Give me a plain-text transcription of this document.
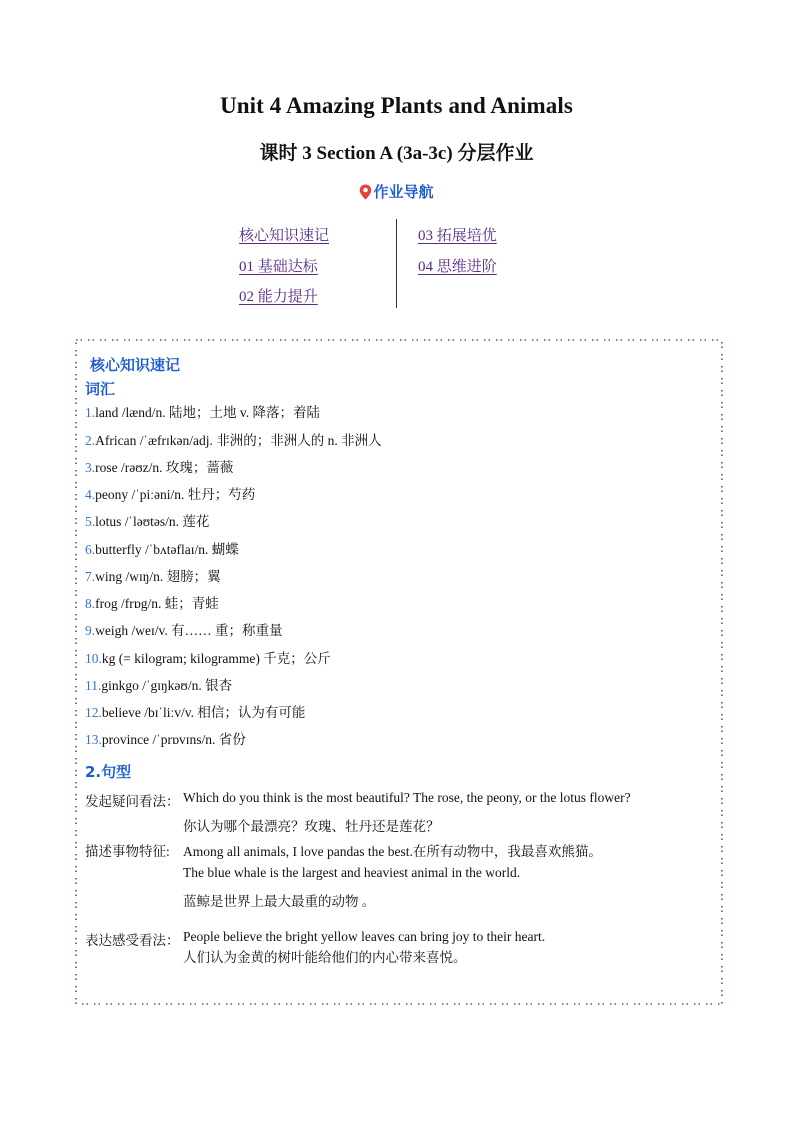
Unit 4 Amazing Plants and Animals
课时 3 Section A (3a-3c) 分层作业
作业导航
核心知识速记
01 基础达标
02 能力提升
03 拓展培优
04 思维进阶
核心知识速记
词汇
1.land /lænd/n. 陆地；土地 v. 降落；着陆
2.African /ˈæfrɪkən/adj. 非洲的；非洲人的 n. 非洲人
3.rose /rəʊz/n. 玫瑰；蔷薇
4.peony /ˈpiːəni/n. 牡丹；芍药
5.lotus /ˈləʊtəs/n. 莲花
6.butterfly /ˈbʌtəflaɪ/n. 蝴蝶
7.wing /wɪŋ/n. 翅膀；翼
8.frog /frɒg/n. 蛙；青蛙
9.weigh /weɪ/v. 有…… 重；称重量
10.kg (= kilogram; kilogramme) 千克；公斤
11.ginkgo /ˈgɪŋkəʊ/n. 银杏
12.believe /bɪˈliːv/v. 相信；认为有可能
13.province /ˈprɒvɪns/n. 省份
2.句型
发起疑问看法： Which do you think is the most beautiful? The rose, the peony, or the lotus flower?
你认为哪个最漂亮？玫瑰、牡丹还是莲花？
描述事物特征: Among all animals, I love pandas the best.在所有动物中，我最喜欢熊猫。
The blue whale is the largest and heaviest animal in the world.
蓝鲸是世界上最大最重的动物 。
表达感受看法： People believe the bright yellow leaves can bring joy to their heart.
人们认为金黄的树叶能给他们的内心带来喜悦。
